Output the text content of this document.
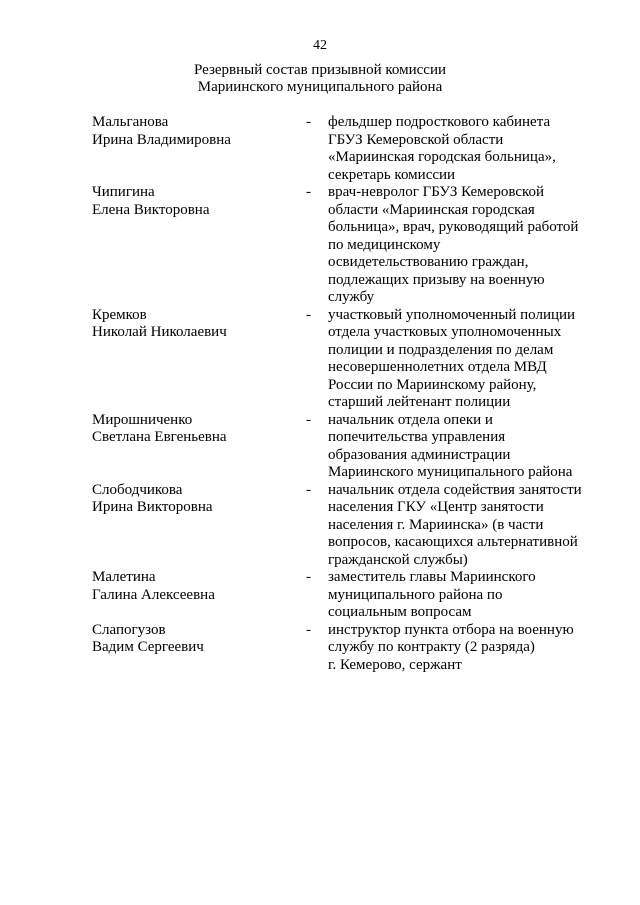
42
Резервный состав призывной комиссии
Мариинского муниципального района
Мальганова
Ирина Владимировна
- фельдшер подросткового кабинета
ГБУЗ Кемеровской области
«Мариинская городская больница»,
секретарь комиссии
Чипигина
Елена Викторовна
- врач-невролог ГБУЗ Кемеровской
области «Мариинская городская
больница», врач, руководящий работой
по медицинскому
освидетельствованию граждан,
подлежащих призыву на военную
службу
Кремков
Николай Николаевич
- участковый уполномоченный полиции
отдела участковых уполномоченных
полиции и подразделения по делам
несовершеннолетних отдела МВД
России по Мариинскому району,
старший лейтенант полиции
Мирошниченко
Светлана Евгеньевна
- начальник отдела опеки и
попечительства управления
образования администрации
Мариинского муниципального района
Слободчикова
Ирина Викторовна
- начальник отдела содействия занятости
населения ГКУ «Центр занятости
населения г. Мариинска» (в части
вопросов, касающихся альтернативной
гражданской службы)
Малетина
Галина Алексеевна
- заместитель главы Мариинского
муниципального района по
социальным вопросам
Слапогузов
Вадим Сергеевич
- инструктор пункта отбора на военную
службу по контракту (2 разряда)
г. Кемерово, сержант
